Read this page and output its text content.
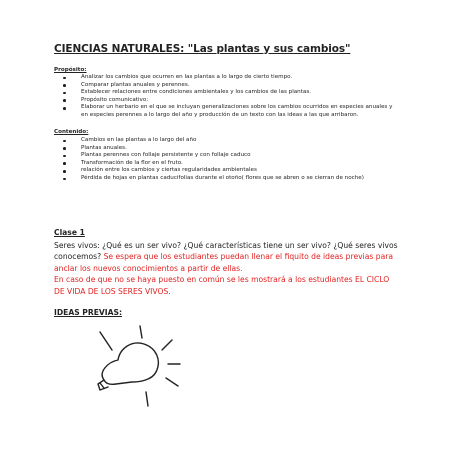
CIENCIAS NATURALES: "Las plantas y sus cambios"
Propósito:
Analizar los cambios que ocurren en las plantas a lo largo de cierto tiempo.
Comparar plantas anuales y perennes.
Establecer relaciones entre condiciones ambientales y los cambios de las plantas.
Propósito comunicativo:
Elaborar un herbario en el que se incluyan generalizaciones sobre los cambios ocurridos en especies anuales y en especies perennes a lo largo del año y producción de un texto con las ideas a las que arribaron.
Contenido:
Cambios en las plantas a lo largo del año
Plantas anuales.
Plantas perennes con follaje persistente y con follaje caduco
Transformación de la flor en el fruto.
relación entre los cambios y ciertas regularidades ambientales
Pérdida de hojas en plantas caducifolias durante el otoño( flores que se abren o se cierran de noche)
Clase 1
Seres vivos: ¿Qué es un ser vivo? ¿Qué características tiene un ser vivo? ¿Qué seres vivos conocemos? Se espera que los estudiantes puedan llenar el fiquito de ideas previas para anclar los nuevos conocimientos a partir de ellas.
En caso de que no se haya puesto en común se les mostrará a los estudiantes EL CICLO DE VIDA DE LOS SERES VIVOS.
IDEAS PREVIAS:
